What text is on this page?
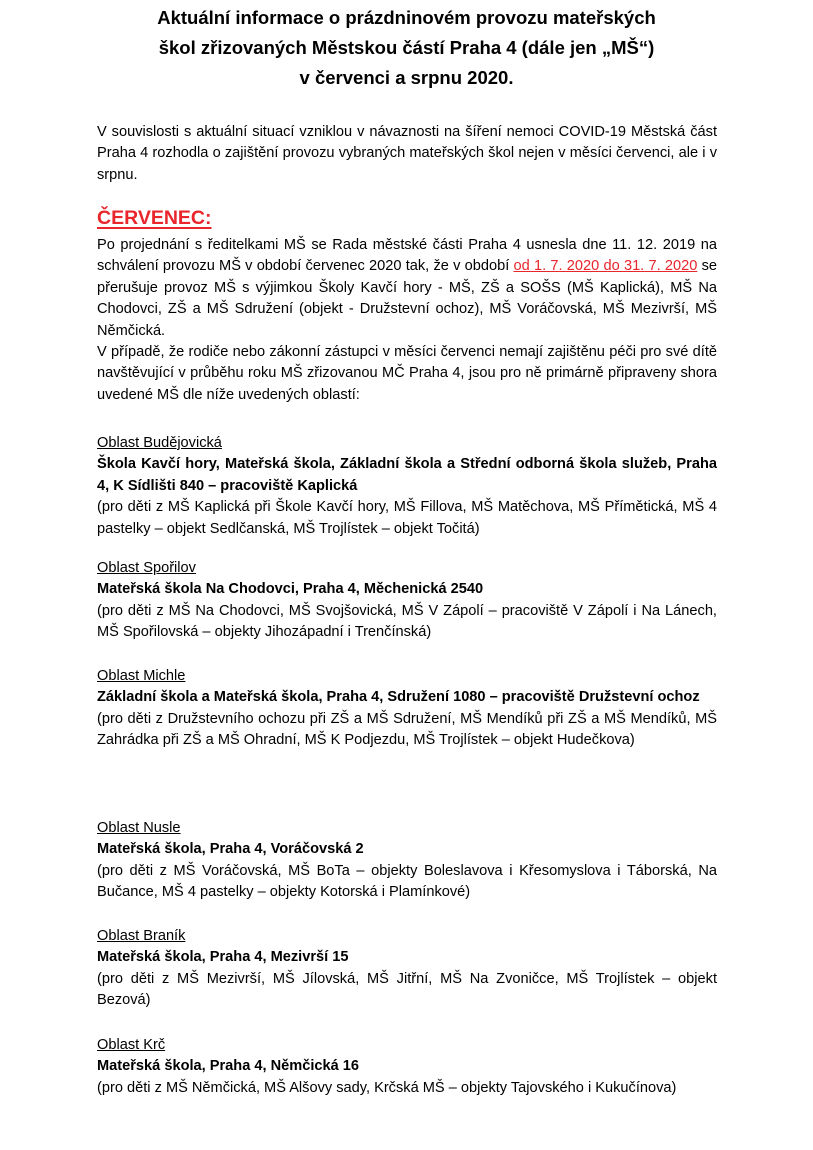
Aktuální informace o prázdninovém provozu mateřských
škol zřizovaných Městskou částí Praha 4 (dále jen „MŠ“)
v červenci a srpnu 2020.

V souvislosti s aktuální situací vzniklou v návaznosti na šíření nemoci COVID-19 Městská část Praha 4 rozhodla o zajištění provozu vybraných mateřských škol nejen v měsíci červenci, ale i v srpnu.

ČERVENEC:

Po projednání s ředitelkami MŠ se Rada městské části Praha 4 usnesla dne 11. 12. 2019 na schválení provozu MŠ v období červenec 2020 tak, že v období od 1. 7. 2020 do 31. 7. 2020 se přerušuje provoz MŠ s výjimkou Školy Kavčí hory - MŠ, ZŠ a SOŠS (MŠ Kaplická), MŠ Na Chodovci, ZŠ a MŠ Sdružení (objekt - Družstevní ochoz), MŠ Voráčovská, MŠ Mezivrší, MŠ Němčická.

V případě, že rodiče nebo zákonní zástupci v měsíci červenci nemají zajištěnu péči pro své dítě navštěvující v průběhu roku MŠ zřizovanou MČ Praha 4, jsou pro ně primárně připraveny shora uvedené MŠ dle níže uvedených oblastí:

Oblast Budějovická
Škola Kavčí hory, Mateřská škola, Základní škola a Střední odborná škola služeb, Praha 4, K Sídlišti 840 – pracoviště Kaplická
(pro děti z MŠ Kaplická při Škole Kavčí hory, MŠ Fillova, MŠ Matěchova, MŠ Přímětická, MŠ 4 pastelky – objekt Sedlčanská, MŠ Trojlístek – objekt Točitá)
Oblast Spořilov
Mateřská škola Na Chodovci, Praha 4, Měchenická 2540
(pro děti z MŠ Na Chodovci, MŠ Svojšovická, MŠ V Zápolí – pracoviště V Zápolí i Na Lánech, MŠ Spořilovská – objekty Jihozápadní i Trenčínská)
Oblast Michle
Základní škola a Mateřská škola, Praha 4, Sdružení 1080 – pracoviště Družstevní ochoz
(pro děti z Družstevního ochozu při ZŠ a MŠ Sdružení, MŠ Mendíků při ZŠ a MŠ Mendíků, MŠ Zahrádka při ZŠ a MŠ Ohradní, MŠ K Podjezdu, MŠ Trojlístek – objekt Hudečkova)
Oblast Nusle
Mateřská škola, Praha 4, Voráčovská 2
(pro děti z MŠ Voráčovská, MŠ BoTa – objekty Boleslavova i Křesomyslova i Táborská, Na Bučance, MŠ 4 pastelky – objekty Kotorská i Plamínkové)
Oblast Braník
Mateřská škola, Praha 4, Mezivrší 15
(pro děti z MŠ Mezivrší, MŠ Jílovská, MŠ Jitřní, MŠ Na Zvoničce, MŠ Trojlístek – objekt Bezová)
Oblast Krč
Mateřská škola, Praha 4, Němčická 16
(pro děti z MŠ Němčická, MŠ Alšovy sady, Krčská MŠ – objekty Tajovského i Kukučínova)
